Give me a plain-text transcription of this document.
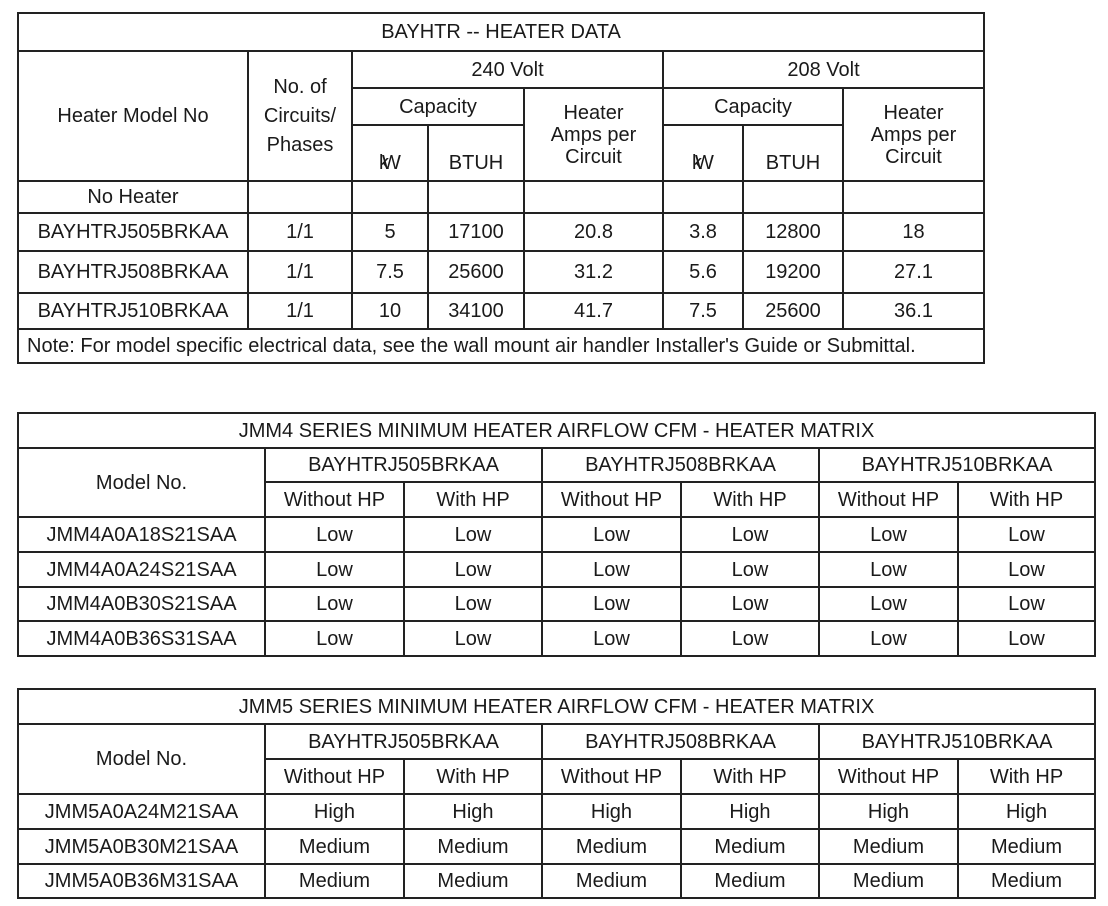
BAYHTR -- HEATER DATA							
Heater Model No	No. of Circuits/ Phases	240 Volt			208 Volt		
		Capacity		Heater Amps per Circuit	Capacity		Heater Amps per Circuit
		kW	BTUH		kW	BTUH	
No Heater							
BAYHTRJ505BRKAA	1/1	5	17100	20.8	3.8	12800	18
BAYHTRJ508BRKAA	1/1	7.5	25600	31.2	5.6	19200	27.1
BAYHTRJ510BRKAA	1/1	10	34100	41.7	7.5	25600	36.1
Note: For model specific electrical data, see the wall mount air handler Installer's Guide or Submittal.							
JMM4 SERIES MINIMUM HEATER AIRFLOW CFM - HEATER MATRIX						
Model No.	BAYHTRJ505BRKAA		BAYHTRJ508BRKAA		BAYHTRJ510BRKAA	
	Without HP	With HP	Without HP	With HP	Without HP	With HP
JMM4A0A18S21SAA	Low	Low	Low	Low	Low	Low
JMM4A0A24S21SAA	Low	Low	Low	Low	Low	Low
JMM4A0B30S21SAA	Low	Low	Low	Low	Low	Low
JMM4A0B36S31SAA	Low	Low	Low	Low	Low	Low
JMM5 SERIES MINIMUM HEATER AIRFLOW CFM - HEATER MATRIX						
Model No.	BAYHTRJ505BRKAA		BAYHTRJ508BRKAA		BAYHTRJ510BRKAA	
	Without HP	With HP	Without HP	With HP	Without HP	With HP
JMM5A0A24M21SAA	High	High	High	High	High	High
JMM5A0B30M21SAA	Medium	Medium	Medium	Medium	Medium	Medium
JMM5A0B36M31SAA	Medium	Medium	Medium	Medium	Medium	Medium
